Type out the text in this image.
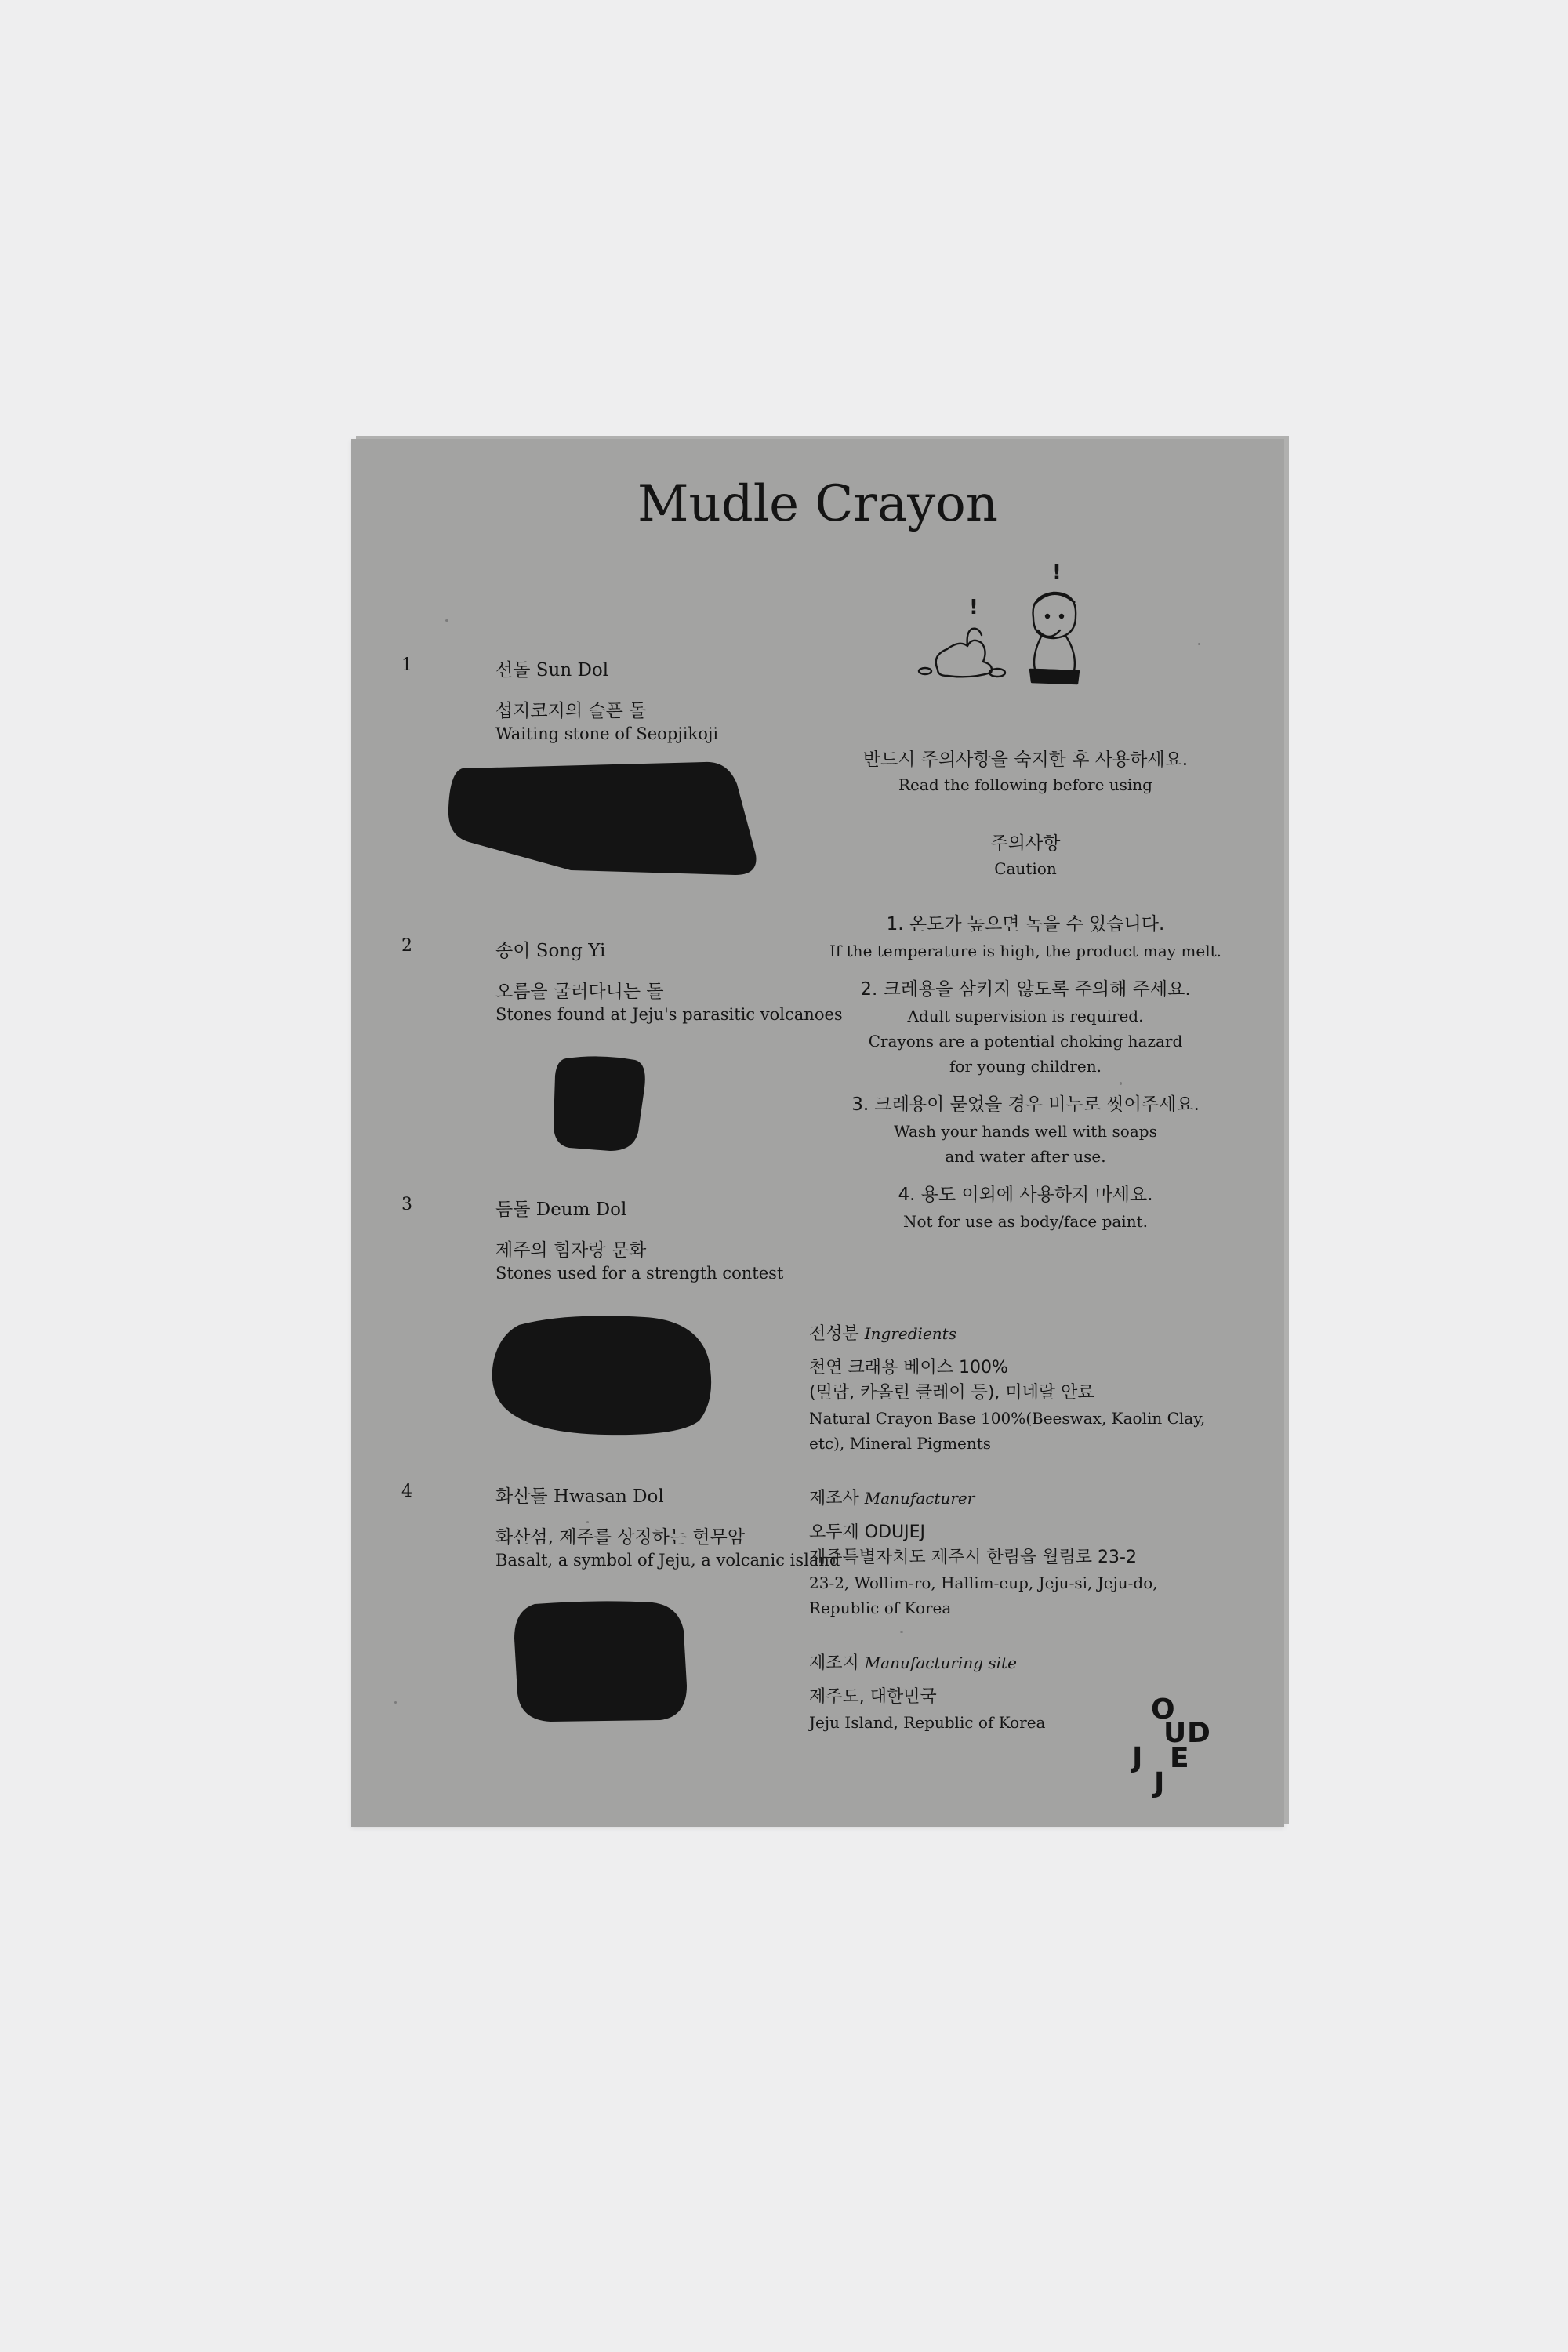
Mudle Crayon
1	선돌 Sun Dol
섭지코지의 슬픈 돌
Waiting stone of Seopjikoji
2	송이 Song Yi
오름을 굴러다니는 돌
Stones found at Jeju's parasitic volcanoes
3	듬돌 Deum Dol
제주의 힘자랑 문화
Stones used for a strength contest
4	화산돌 Hwasan Dol
화산섬, 제주를 상징하는 현무암
Basalt, a symbol of Jeju, a volcanic island
!
!
반드시 주의사항을 숙지한 후 사용하세요.
Read the following before using
주의사항
Caution
1. 온도가 높으면 녹을 수 있습니다.
If the temperature is high, the product may melt.
2. 크레용을 삼키지 않도록 주의해 주세요.
Adult supervision is required.
Crayons are a potential choking hazard
for young children.
3. 크레용이 묻었을 경우 비누로 씻어주세요.
Wash your hands well with soaps
and water after use.
4. 용도 이외에 사용하지 마세요.
Not for use as body/face paint.
전성분 Ingredients
천연 크래용 베이스 100%
(밀랍, 카올린 클레이 등), 미네랄 안료
Natural Crayon Base 100%(Beeswax, Kaolin Clay,
etc), Mineral Pigments
제조사 Manufacturer
오두제 ODUJEJ
제주특별자치도 제주시 한림읍 월림로 23-2
23-2, Wollim-ro, Hallim-eup, Jeju-si, Jeju-do,
Republic of Korea
제조지 Manufacturing site
제주도, 대한민국
Jeju Island, Republic of Korea	O
U D
J E
J
